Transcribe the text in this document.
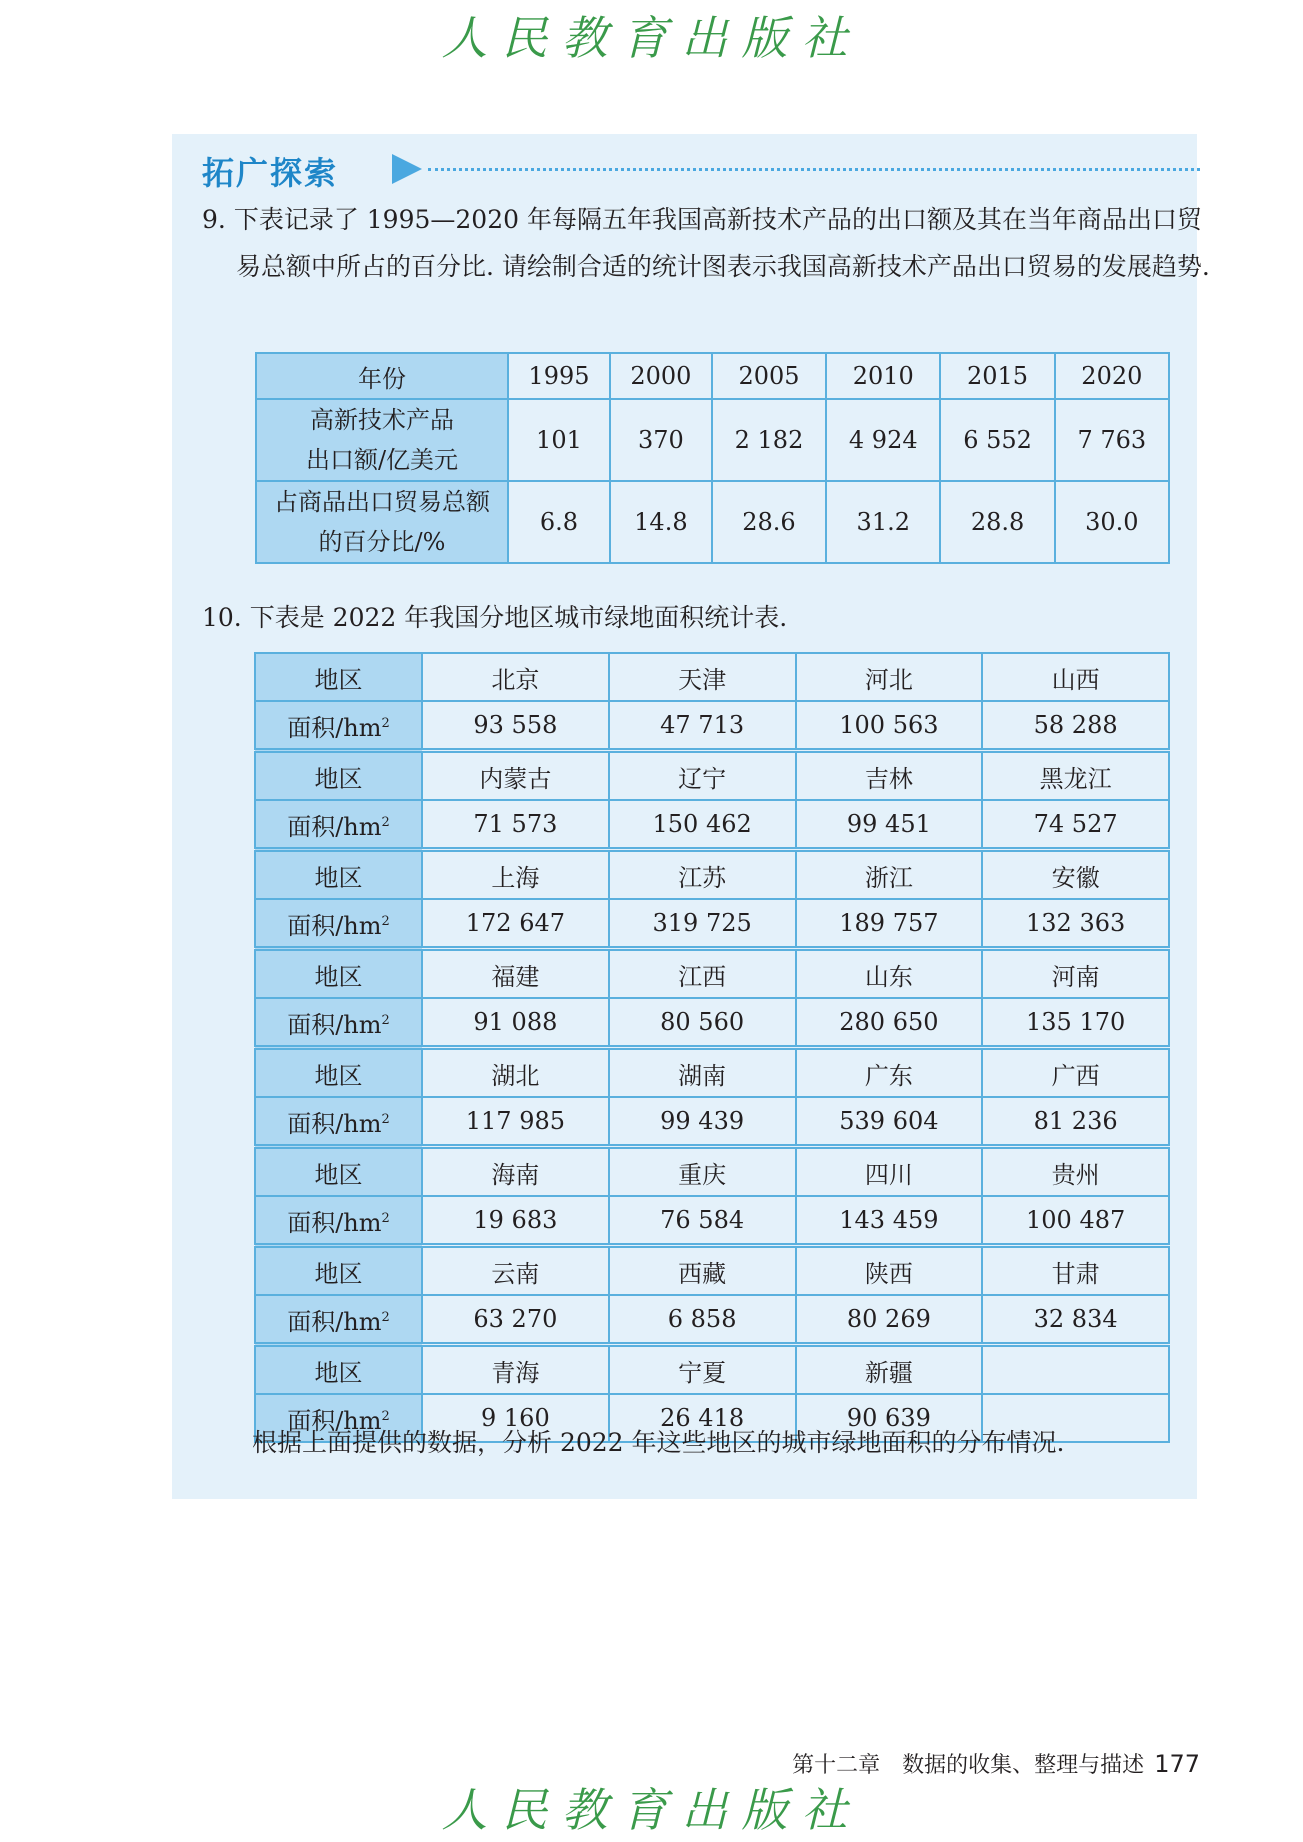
人民教育出版社
拓广探索
9. 下表记录了 1995—2020 年每隔五年我国高新技术产品的出口额及其在当年商品出口贸易总额中所占的百分比. 请绘制合适的统计图表示我国高新技术产品出口贸易的发展趋势.
年份	1995	2000	2005	2010	2015	2020
高新技术产品
出口额/亿美元	101	370	2 182	4 924	6 552	7 763
占商品出口贸易总额
的百分比/%	6.8	14.8	28.6	31.2	28.8	30.0
10. 下表是 2022 年我国分地区城市绿地面积统计表.
地区	北京	天津	河北	山西
面积$/hm^2$	93 558	47 713	100 563	58 288
地区	内蒙古	辽宁	吉林	黑龙江
面积$/hm^2$	71 573	150 462	99 451	74 527
地区	上海	江苏	浙江	安徽
面积$/hm^2$	172 647	319 725	189 757	132 363
地区	福建	江西	山东	河南
面积$/hm^2$	91 088	80 560	280 650	135 170
地区	湖北	湖南	广东	广西
面积$/hm^2$	117 985	99 439	539 604	81 236
地区	海南	重庆	四川	贵州
面积$/hm^2$	19 683	76 584	143 459	100 487
地区	云南	西藏	陕西	甘肃
面积$/hm^2$	63 270	6 858	80 269	32 834
地区	青海	宁夏	新疆	
面积$/hm^2$	9 160	26 418	90 639	
根据上面提供的数据，分析 2022 年这些地区的城市绿地面积的分布情况.
第十二章　数据的收集、整理与描述 177
人民教育出版社
